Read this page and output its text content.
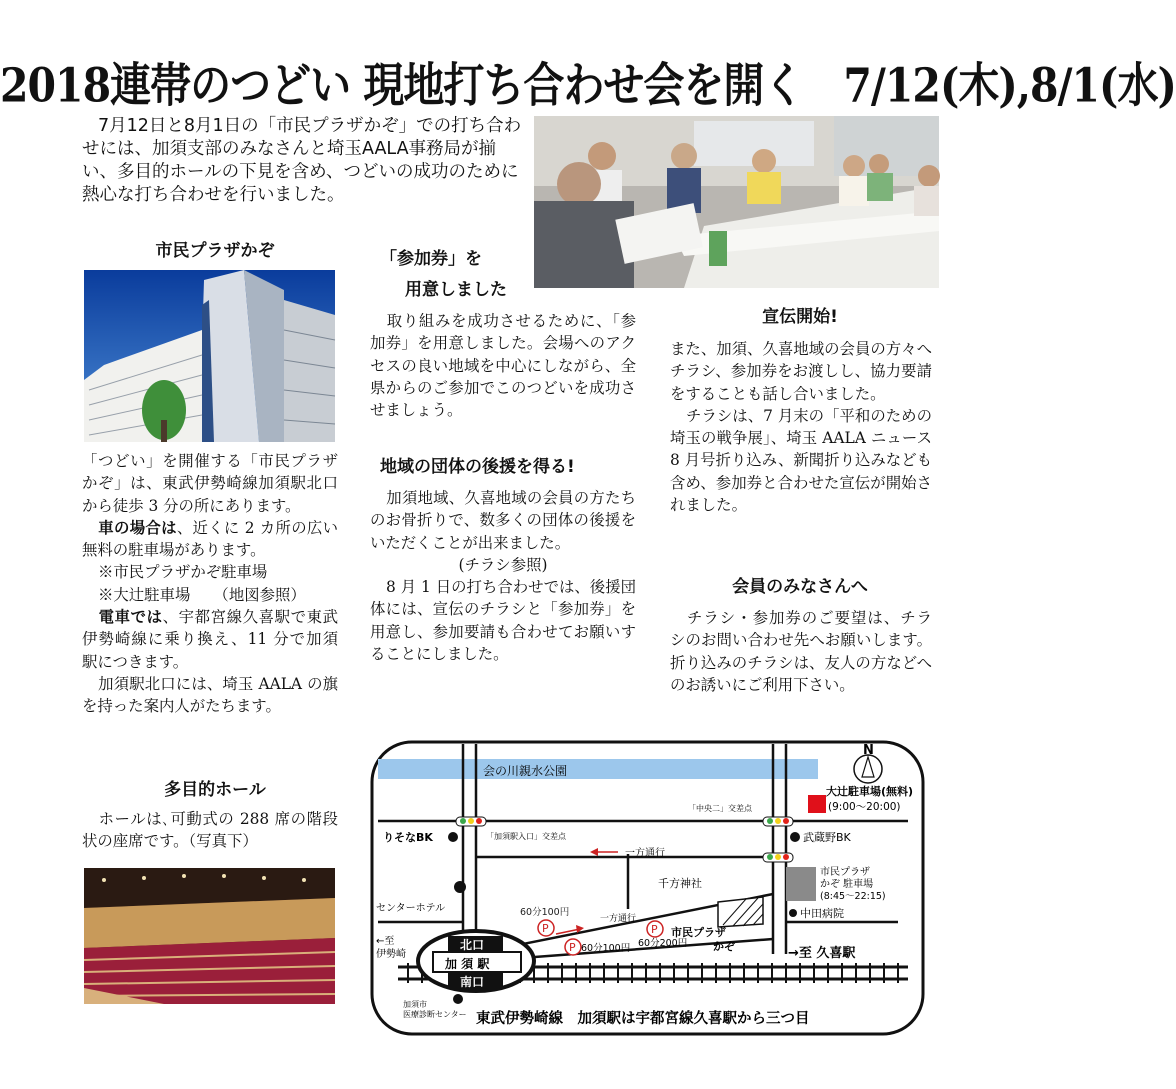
2018連帯のつどい 現地打ち合わせ会を開く　7/12(木),8/1(水)
7月12日と8月1日の「市民プラザかぞ」での打ち合わせには、加須支部のみなさんと埼玉AALA事務局が揃い、多目的ホールの下見を含め、つどいの成功のために熱心な打ち合わせを行いました。
市民プラザかぞ
「つどい」を開催する「市民プラザかぞ」は、東武伊勢崎線加須駅北口から徒歩 3 分の所にあります。
車の場合は、近くに 2 カ所の広い無料の駐車場があります。
※市民プラザかぞ駐車場
※大辻駐車場　　（地図参照）
電車では、宇都宮線久喜駅で東武伊勢崎線に乗り換え、11 分で加須駅につきます。
加須駅北口には、埼玉 AALA の旗を持った案内人がたちます。
多目的ホール
ホールは､可動式の 288 席の階段状の座席です。（写真下）
「参加券」を
用意しました
取り組みを成功させるために、「参加券」を用意しました。会場へのアクセスの良い地域を中心にしながら、全県からのご参加でこのつどいを成功させましょう。
地域の団体の後援を得る!
加須地域、久喜地域の会員の方たちのお骨折りで、数多くの団体の後援をいただくことが出来ました。
(チラシ参照)
8 月 1 日の打ち合わせでは、後援団体には、宣伝のチラシと「参加券」を用意し、参加要請も合わせてお願いすることにしました。
宣伝開始!
また、加須、久喜地域の会員の方々へチラシ、参加券をお渡しし、協力要請をすることも話し合いました。
チラシは、7 月末の「平和のための埼玉の戦争展」、埼玉 AALA ニュース 8 月号折り込み、新聞折り込みなども含め、参加券と合わせた宣伝が開始されました。
会員のみなさんへ
チラシ・参加券のご要望は、チラシのお問い合わせ先へお願いします。折り込みのチラシは、友人の方などへのお誘いにご利用下さい。
会の川親水公園
N
大辻駐車場(無料)
(9:00〜20:00)
「中央二」交差点
「加須駅入口」交差点
りそなBK	武蔵野BK
一方通行
千方神社
市民プラザ
かぞ 駐車場
(8:45〜22:15)
センターホテル	中田病院
市民プラザ
かぞ
一方通行
P
P
P
60分100円
60分100円 60分200円
←至
伊勢崎
北口
加 須 駅
南口
→至 久喜駅
加須市
医療診断センター 東武伊勢崎線　加須駅は宇都宮線久喜駅から三つ目
